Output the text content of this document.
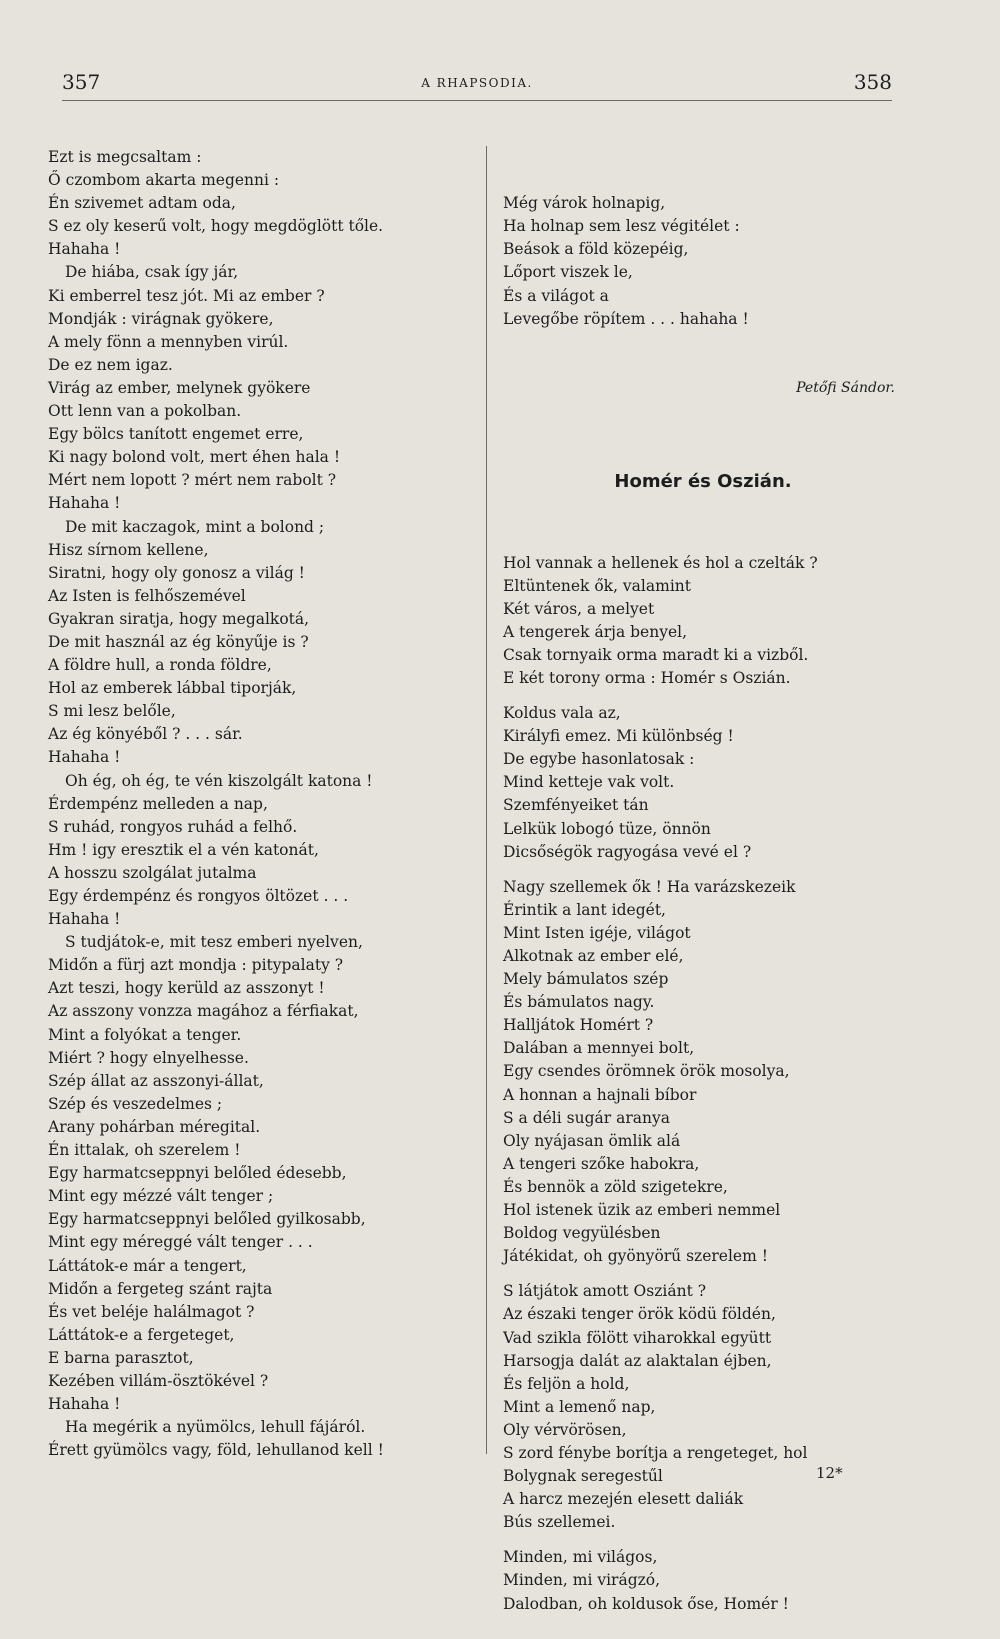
357	A RHAPSODIA.	358
Ezt is megcsaltam :
Ő czombom akarta megenni :
Én szivemet adtam oda,
S ez oly keserű volt, hogy megdöglött tőle.
Hahaha !
De hiába, csak így jár,
Ki emberrel tesz jót. Mi az ember ?
Mondják : virágnak gyökere,
A mely fönn a mennyben virúl.
De ez nem igaz.
Virág az ember, melynek gyökere
Ott lenn van a pokolban.
Egy bölcs tanított engemet erre,
Ki nagy bolond volt, mert éhen hala !
Mért nem lopott ? mért nem rabolt ?
Hahaha !
De mit kaczagok, mint a bolond ;
Hisz sírnom kellene,
Siratni, hogy oly gonosz a világ !
Az Isten is felhőszemével
Gyakran siratja, hogy megalkotá,
De mit használ az ég könyűje is ?
A földre hull, a ronda földre,
Hol az emberek lábbal tiporják,
S mi lesz belőle,
Az ég könyéből ? . . . sár.
Hahaha !
Oh ég, oh ég, te vén kiszolgált katona !
Érdempénz melleden a nap,
S ruhád, rongyos ruhád a felhő.
Hm ! igy eresztik el a vén katonát,
A hosszu szolgálat jutalma
Egy érdempénz és rongyos öltözet . . .
Hahaha !
S tudjátok-e, mit tesz emberi nyelven,
Midőn a fürj azt mondja : pitypalaty ?
Azt teszi, hogy kerüld az asszonyt !
Az asszony vonzza magához a férfiakat,
Mint a folyókat a tenger.
Miért ? hogy elnyelhesse.
Szép állat az asszonyi-állat,
Szép és veszedelmes ;
Arany pohárban méregital.
Én ittalak, oh szerelem !
Egy harmatcseppnyi belőled édesebb,
Mint egy mézzé vált tenger ;
Egy harmatcseppnyi belőled gyilkosabb,
Mint egy méreggé vált tenger . . .
Láttátok-e már a tengert,
Midőn a fergeteg szánt rajta
És vet beléje halálmagot ?
Láttátok-e a fergeteget,
E barna parasztot,
Kezében villám-ösztökével ?
Hahaha !
Ha megérik a nyümölcs, lehull fájáról.
Érett gyümölcs vagy, föld, lehullanod kell !

Még várok holnapig,
Ha holnap sem lesz végitélet :
Beások a föld közepéig,
Lőport viszek le,
És a világot a
Levegőbe röpítem . . . hahaha !

Petőfi Sándor.

Homér és Oszián.

Hol vannak a hellenek és hol a czelták ?
Eltüntenek ők, valamint
Két város, a melyet
A tengerek árja benyel,
Csak tornyaik orma maradt ki a vizből.
E két torony orma : Homér s Oszián.
Koldus vala az,
Királyfi emez. Mi különbség !
De egybe hasonlatosak :
Mind ketteje vak volt.
Szemfényeiket tán
Lelkük lobogó tüze, önnön
Dicsőségök ragyogása vevé el ?
Nagy szellemek ők ! Ha varázskezeik
Érintik a lant idegét,
Mint Isten igéje, világot
Alkotnak az ember elé,
Mely bámulatos szép
És bámulatos nagy.
Halljátok Homért ?
Dalában a mennyei bolt,
Egy csendes örömnek örök mosolya,
A honnan a hajnali bíbor
S a déli sugár aranya
Oly nyájasan ömlik alá
A tengeri szőke habokra,
És bennök a zöld szigetekre,
Hol istenek üzik az emberi nemmel
Boldog vegyülésben
Játékidat, oh gyönyörű szerelem !
S látjátok amott Osziánt ?
Az északi tenger örök ködü földén,
Vad szikla fölött viharokkal együtt
Harsogja dalát az alaktalan éjben,
És feljön a hold,
Mint a lemenő nap,
Oly vérvörösen,
S zord fénybe borítja a rengeteget, hol
Bolygnak seregestűl
A harcz mezején elesett daliák
Bús szellemei.
Minden, mi világos,
Minden, mi virágzó,
Dalodban, oh koldusok őse, Homér !

12*
